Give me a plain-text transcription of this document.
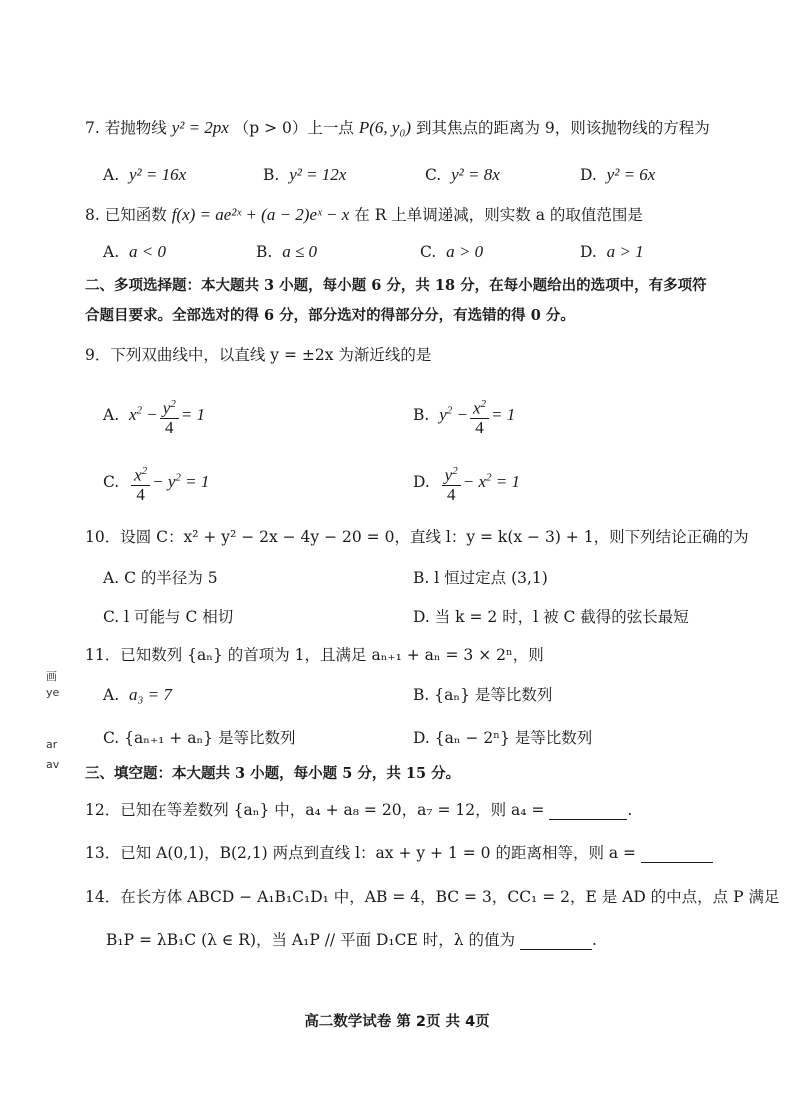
7. 若抛物线 y² = 2px （p > 0）上一点 P(6, y₀) 到其焦点的距离为 9，则该抛物线的方程为
A. y² = 16x	B. y² = 12x	C. y² = 8x	D. y² = 6x
8. 已知函数 f(x) = ae²ˣ + (a − 2)eˣ − x 在 R 上单调递减，则实数 a 的取值范围是
A. a < 0	B. a ≤ 0	C. a > 0	D. a > 1
二、多项选择题：本大题共 3 小题，每小题 6 分，共 18 分，在每小题给出的选项中，有多项符
合题目要求。全部选对的得 6 分，部分选对的得部分分，有选错的得 0 分。
9．下列双曲线中，以直线 y = ±2x 为渐近线的是
A. $x^2 - \frac{y^2}{4} = 1$	B. $y^2 - \frac{x^2}{4} = 1$
C. $\frac{x^2}{4} - y^2 = 1$	D. $\frac{y^2}{4} - x^2 = 1$
10．设圆 C：x² + y² − 2x − 4y − 20 = 0，直线 l：y = k(x − 3) + 1，则下列结论正确的为
A. C 的半径为 5	B. l 恒过定点 (3,1)
C. l 可能与 C 相切	D. 当 k = 2 时，l 被 C 截得的弦长最短
11．已知数列 {aₙ} 的首项为 1，且满足 aₙ₊₁ + aₙ = 3 × 2ⁿ，则
A. a₃ = 7	B. {aₙ} 是等比数列
C. {aₙ₊₁ + aₙ} 是等比数列	D. {aₙ − 2ⁿ} 是等比数列
三、填空题：本大题共 3 小题，每小题 5 分，共 15 分。
12．已知在等差数列 {aₙ} 中，a₄ + a₈ = 20，a₇ = 12，则 a₄ =	.
13．已知 A(0,1)，B(2,1) 两点到直线 l：ax + y + 1 = 0 的距离相等，则 a =
14．在长方体 ABCD − A₁B₁C₁D₁ 中，AB = 4，BC = 3，CC₁ = 2，E 是 AD 的中点，点 P 满足
B₁P = λB₁C (λ ∈ R)，当 A₁P // 平面 D₁CE 时，λ 的值为	.
画
ye
ar
av
高二数学试卷 第 2页 共 4页
